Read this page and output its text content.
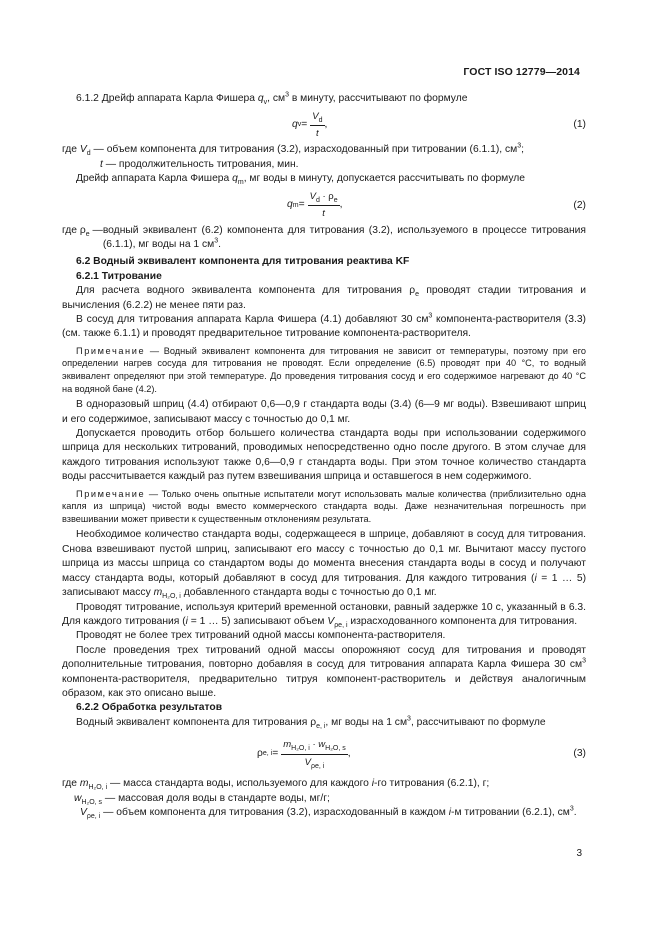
ГОСТ ISO 12779—2014

6.1.2 Дрейф аппарата Карла Фишера $q_v$, $см^3$ в минуту, рассчитывают по формуле

q $v = \frac{V_d}{t}$ ,	(1)

где $V_d$ — объем компонента для титрования (3.2), израсходованный при титровании (6.1.1), $см^3$;

t — продолжительность титрования, мин.

Дрейф аппарата Карла Фишера $q_m$, мг воды в минуту, допускается рассчитывать по формуле

q $m = \frac{V_d \cdot \rho_e}{t}$ ,	(2)
где $\rho_e$ — водный эквивалент (6.2) компонента для титрования (3.2), используемого в процессе титрования (6.1.1), мг воды на 1 $см^3$.

6.2 Водный эквивалент компонента для титрования реактива KF

6.2.1 Титрование

Для расчета водного эквивалента компонента для титрования $\rho_e$ проводят стадии титрования и вычисления (6.2.2) не менее пяти раз.

В сосуд для титрования аппарата Карла Фишера (4.1) добавляют 30 $см^3$ компонента-растворителя (3.3) (см. также 6.1.1) и проводят предварительное титрование компонента-растворителя.

Примечание — Водный эквивалент компонента для титрования не зависит от температуры, поэтому при его определении нагрев сосуда для титрования не проводят. Если определение (6.5) проводят при 40 °С, то водный эквивалент определяют при этой температуре. До проведения титрования сосуд и его содержимое нагревают до 40 °С на водяной бане (4.2).

В одноразовый шприц (4.4) отбирают 0,6—0,9 г стандарта воды (3.4) (6—9 мг воды). Взвешивают шприц и его содержимое, записывают массу с точностью до 0,1 мг.

Допускается проводить отбор большего количества стандарта воды при использовании содержимого шприца для нескольких титрований, проводимых непосредственно одно после другого. В этом случае для каждого титрования используют также 0,6—0,9 г стандарта воды. При этом точное количество стандарта воды рассчитывается каждый раз путем взвешивания шприца и оставшегося в нем содержимого.

Примечание — Только очень опытные испытатели могут использовать малые количества (приблизительно одна капля из шприца) чистой воды вместо коммерческого стандарта воды. Даже незначительная погрешность при взвешивании может привести к существенным отклонениям результата.

Необходимое количество стандарта воды, содержащееся в шприце, добавляют в сосуд для титрования. Снова взвешивают пустой шприц, записывают его массу с точностью до 0,1 мг. Вычитают массу пустого шприца из массы шприца со стандартом воды до момента внесения стандарта воды в сосуд и получают массу стандарта воды, который добавляют в сосуд для титрования. Для каждого титрования (i = 1 … 5) записывают массу $m_{H_2O, i}$ добавленного стандарта воды с точностью до 0,1 мг.

Проводят титрование, используя критерий временной остановки, равный задержке 10 с, указанный в 6.3. Для каждого титрования (i = 1 … 5) записывают объем $V_{\rho e, i}$ израсходованного компонента для титрования.

Проводят не более трех титрований одной массы компонента-растворителя.

После проведения трех титрований одной массы опорожняют сосуд для титрования и проводят дополнительные титрования, повторно добавляя в сосуд для титрования аппарата Карла Фишера 30 $см^3$ компонента-растворителя, предварительно титруя компонент-растворитель и действуя аналогичным образом, как это описано выше.

6.2.2 Обработка результатов

Водный эквивалент компонента для титрования $\rho_{e, i}$, мг воды на 1 $см^3$, рассчитывают по формуле

ρ e, $i = \frac{m_{H_2O, i} \cdot w_{H_2O, s}}{V_{\rho e, i}}$ ,	(3)

где $m_{H_2O, i}$ — масса стандарта воды, используемого для каждого i-го титрования (6.2.1), г;

$w_{H_2O, s}$ — массовая доля воды в стандарте воды, мг/г;

$V_{\rho e, i}$ — объем компонента для титрования (3.2), израсходованный в каждом i-м титровании (6.2.1), $см^3$.

3
